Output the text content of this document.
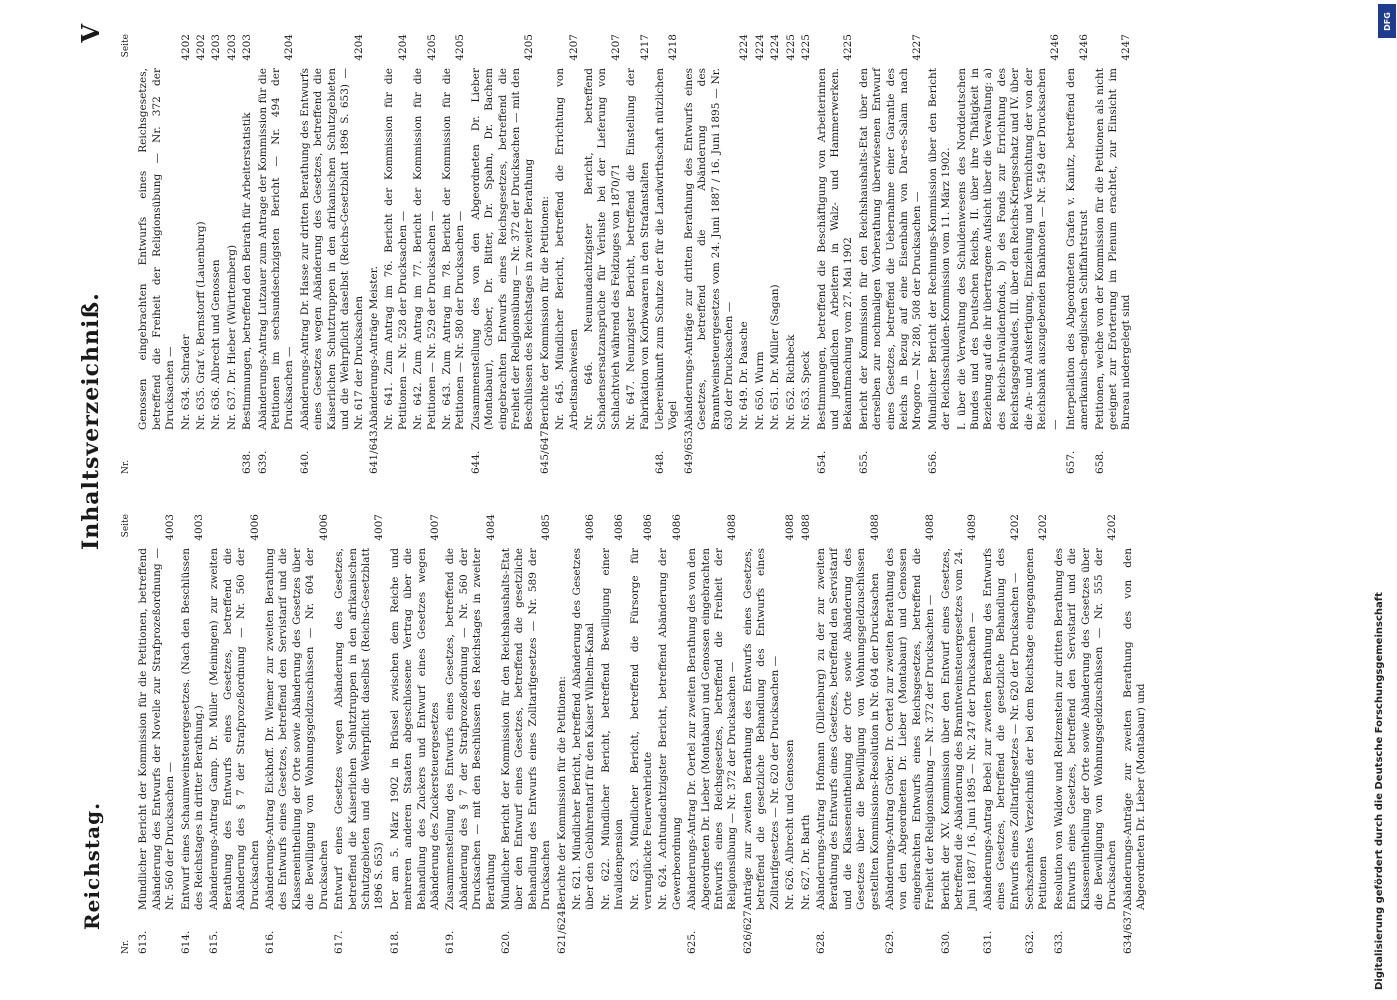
Reichstag.
Inhaltsverzeichniß.
V
Nr.
Seite
613.
Mündlicher Bericht der Kommission für die Petitionen, betreffend Abänderung des Entwurfs der Novelle zur Strafprozeßordnung — Nr. 560 der Drucksachen —
4003
614.
Entwurf eines Schaumweinsteuergesetzes. (Nach den Beschlüssen des Reichstages in dritter Berathung.)
4003
615.
Abänderungs-Antrag Gamp. Dr. Müller (Meiningen) zur zweiten Berathung des Entwurfs eines Gesetzes, betreffend die Abänderung des § 7 der Strafprozeßordnung — Nr. 560 der Drucksachen
4006
616.
Abänderungs-Antrag Eickhoff. Dr. Wiemer zur zweiten Berathung des Entwurfs eines Gesetzes, betreffend den Servistarif und die Klasseneintheilung der Orte sowie Abänderung des Gesetzes über die Bewilligung von Wohnungsgeldzuschüssen — Nr. 604 der Drucksachen
4006
617.
Entwurf eines Gesetzes wegen Abänderung des Gesetzes, betreffend die Kaiserlichen Schutztruppen in den afrikanischen Schutzgebieten und die Wehrpflicht daselbst (Reichs-Gesetzblatt 1896 S. 653)
4007
618.
Der am 5. März 1902 in Brüssel zwischen dem Reiche und mehreren anderen Staaten abgeschlossene Vertrag über die Behandlung des Zuckers und Entwurf eines Gesetzes wegen Abänderung des Zuckersteuergesetzes
4007
619.
Zusammenstellung des Entwurfs eines Gesetzes, betreffend die Abänderung des § 7 der Strafprozeßordnung — Nr. 560 der Drucksachen — mit den Beschlüssen des Reichstages in zweiter Berathung
4084
620.
Mündlicher Bericht der Kommission für den Reichshaushalts-Etat über den Entwurf eines Gesetzes, betreffend die gesetzliche Behandlung des Entwurfs eines Zolltarifgesetzes — Nr. 589 der Drucksachen
4085
621/624.
Berichte der Kommission für die Petitionen: Nr. 621. Mündlicher Bericht, betreffend Abänderung des Gesetzes über den Gebührentarif für den Kaiser Wilhelm-Kanal
4086
Nr. 622. Mündlicher Bericht, betreffend Bewilligung einer Invalidenpension
4086
Nr. 623. Mündlicher Bericht, betreffend die Fürsorge für verunglückte Feuerwehrleute
4086
Nr. 624. Achtundachtzigster Bericht, betreffend Abänderung der Gewerbeordnung
4086
625.
Abänderungs-Antrag Dr. Oertel zur zweiten Berathung des von den Abgeordneten Dr. Lieber (Montabaur) und Genossen eingebrachten Entwurfs eines Reichsgesetzes, betreffend die Freiheit der Religionsübung — Nr. 372 der Drucksachen —
4088
626/627.
Anträge zur zweiten Berathung des Entwurfs eines Gesetzes, betreffend die gesetzliche Behandlung des Entwurfs eines Zolltarifgesetzes — Nr. 620 der Drucksachen — Nr. 626. Albrecht und Genossen
4088
Nr. 627. Dr. Barth
4088
628.
Abänderungs-Antrag Hofmann (Dillenburg) zu der zur zweiten Berathung des Entwurfs eines Gesetzes, betreffend den Servistarif und die Klasseneintheilung der Orte sowie Abänderung des Gesetzes über die Bewilligung von Wohnungsgeldzuschüssen gestellten Kommissions-Resolution in Nr. 604 der Drucksachen
4088
629.
Abänderungs-Antrag Gröber. Dr. Oertel zur zweiten Berathung des von den Abgeordneten Dr. Lieber (Montabaur) und Genossen eingebrachten Entwurfs eines Reichsgesetzes, betreffend die Freiheit der Religionsübung — Nr. 372 der Drucksachen —
4088
630.
Bericht der XV. Kommission über den Entwurf eines Gesetzes, betreffend die Abänderung des Branntweinsteuergesetzes vom 24. Juni 1887 / 16. Juni 1895 — Nr. 247 der Drucksachen —
4089
631.
Abänderungs-Antrag Bebel zur zweiten Berathung des Entwurfs eines Gesetzes, betreffend die gesetzliche Behandlung des Entwurfs eines Zolltarifgesetzes — Nr. 620 der Drucksachen —
4202
632.
Sechszehntes Verzeichniß der bei dem Reichstage eingegangenen Petitionen
4202
633.
Resolution von Waldow und Reitzenstein zur dritten Berathung des Entwurfs eines Gesetzes, betreffend den Servistarif und die Klasseneintheilung der Orte sowie Abänderung des Gesetzes über die Bewilligung von Wohnungsgeldzuschüssen — Nr. 555 der Drucksachen
4202
634/637.
Abänderungs-Anträge zur zweiten Berathung des von den Abgeordneten Dr. Lieber (Montabaur) und
Nr.
Seite
Genossen eingebrachten Entwurfs eines Reichsgesetzes, betreffend die Freiheit der Religionsübung — Nr. 372 der Drucksachen — Nr. 634. Schrader
4202
Nr. 635. Graf v. Bernstorff (Lauenburg)
4202
Nr. 636. Albrecht und Genossen
4203
Nr. 637. Dr. Hieber (Württemberg)
4203
638.
Bestimmungen, betreffend den Beirath für Arbeiterstatistik
4203
639.
Abänderungs-Antrag Lutzauer zum Antrage der Kommission für die Petitionen im sechsundsechzigsten Bericht — Nr. 494 der Drucksachen —
4204
640.
Abänderungs-Antrag Dr. Hasse zur dritten Berathung des Entwurfs eines Gesetzes wegen Abänderung des Gesetzes, betreffend die Kaiserlichen Schutztruppen in den afrikanischen Schutzgebieten und die Wehrpflicht daselbst (Reichs-Gesetzblatt 1896 S. 653) — Nr. 617 der Drucksachen
4204
641/643.
Abänderungs-Anträge Meister. Nr. 641. Zum Antrag im 76. Bericht der Kommission für die Petitionen — Nr. 528 der Drucksachen —
4204
Nr. 642. Zum Antrag im 77. Bericht der Kommission für die Petitionen — Nr. 529 der Drucksachen —
4205
Nr. 643. Zum Antrag im 78. Bericht der Kommission für die Petitionen — Nr. 580 der Drucksachen —
4205
644.
Zusammenstellung des von den Abgeordneten Dr. Lieber (Montabaur), Gröber, Dr. Bitter, Dr. Spahn, Dr. Bachem eingebrachten Entwurfs eines Reichsgesetzes, betreffend die Freiheit der Religionsübung — Nr. 372 der Drucksachen — mit den Beschlüssen des Reichstages in zweiter Berathung
4205
645/647.
Berichte der Kommission für die Petitionen: Nr. 645. Mündlicher Bericht, betreffend die Errichtung von Arbeitsnachweisen
4207
Nr. 646. Neunundachtzigster Bericht, betreffend Schadensersatzansprüche für Verluste bei der Lieferung von Schlachtvieh während des Feldzuges von 1870/71
4207
Nr. 647. Neunzigster Bericht, betreffend die Einstellung der Fabrikation von Korbwaaren in den Strafanstalten
4217
648.
Uebereinkunft zum Schutze der für die Landwirthschaft nützlichen Vögel
4218
649/653.
Abänderungs-Anträge zur dritten Berathung des Entwurfs eines Gesetzes, betreffend die Abänderung des Branntweinsteuergesetzes vom 24. Juni 1887 / 16. Juni 1895 — Nr. 630 der Drucksachen — Nr. 649. Dr. Paasche
4224
Nr. 650. Wurm
4224
Nr. 651. Dr. Müller (Sagan)
4224
Nr. 652. Richbeck
4225
Nr. 653. Speck
4225
654.
Bestimmungen, betreffend die Beschäftigung von Arbeiterinnen und jugendlichen Arbeitern in Walz- und Hammerwerken. Bekanntmachung vom 27. Mai 1902
4225
655.
Bericht der Kommission für den Reichshaushalts-Etat über den derselben zur nochmaligen Vorberathung überwiesenen Entwurf eines Gesetzes, betreffend die Uebernahme einer Garantie des Reichs in Bezug auf eine Eisenbahn von Dar-es-Salam nach Mrogoro — Nr. 280, 508 der Drucksachen —
4227
656.
Mündlicher Bericht der Rechnungs-Kommission über den Bericht der Reichsschulden-Kommission vom 11. März 1902. I. über die Verwaltung des Schuldenwesens des Norddeutschen Bundes und des Deutschen Reichs, II. über ihre Thätigkeit in Beziehung auf die ihr übertragene Aufsicht über die Verwaltung: a) des Reichs-Invalidenfonds, b) des Fonds zur Errichtung des Reichstagsgebäudes, III. über den Reichs-Kriegsschatz und IV. über die An- und Ausfertigung, Einziehung und Vernichtung der von der Reichsbank auszugebenden Banknoten — Nr. 549 der Drucksachen —
4246
657.
Interpellation des Abgeordneten Grafen v. Kanitz, betreffend den amerikanisch-englischen Schiffahrtstrust
4246
658.
Petitionen, welche von der Kommission für die Petitionen als nicht geeignet zur Erörterung im Plenum erachtet, zur Einsicht im Bureau niedergelegt sind
4247
DFG
Digitalisierung gefördert durch die Deutsche Forschungsgemeinschaft
